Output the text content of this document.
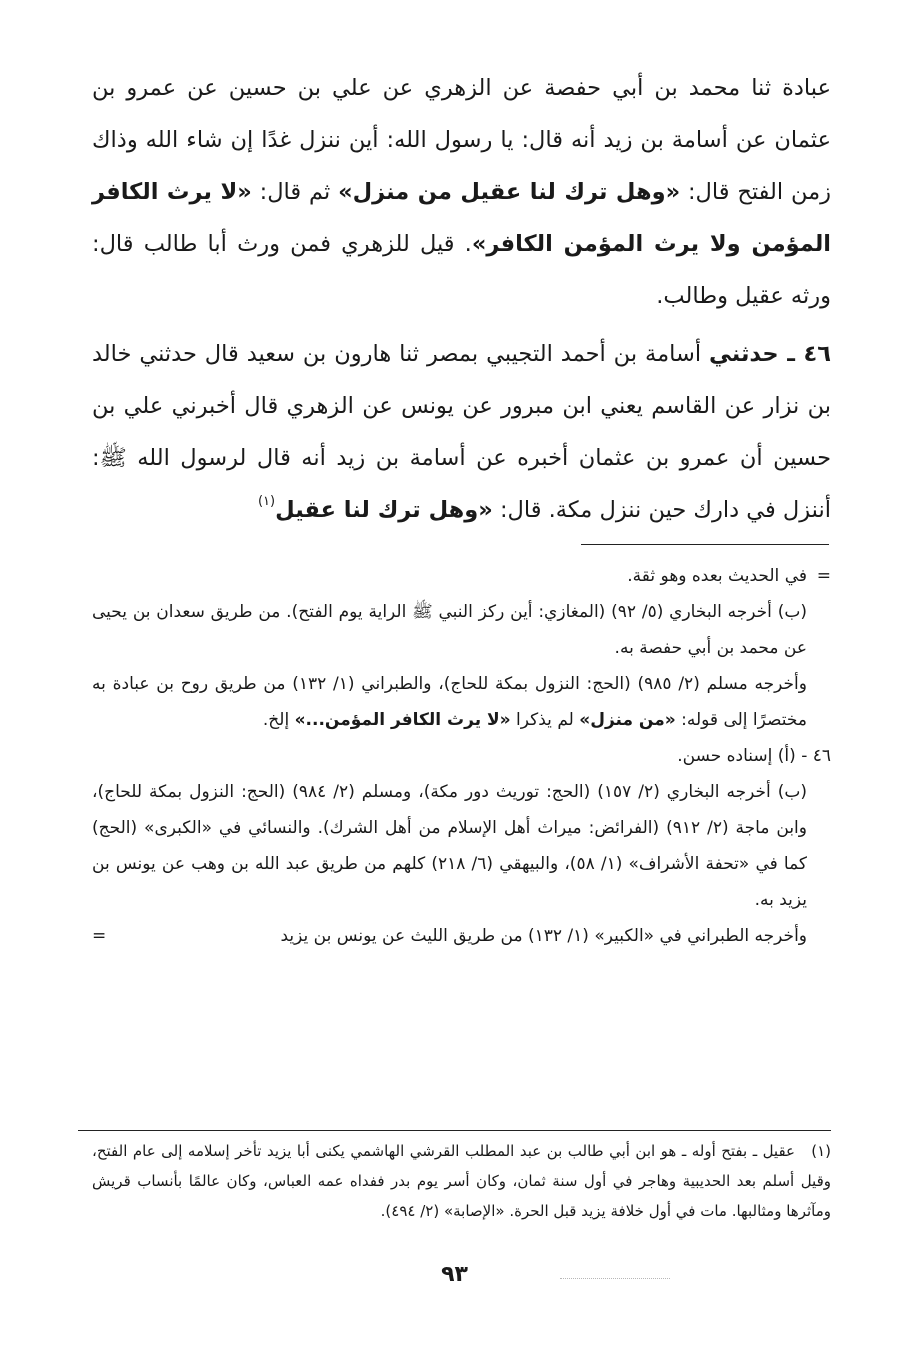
عبادة ثنا محمد بن أبي حفصة عن الزهري عن علي بن حسين عن عمرو بن عثمان عن أسامة بن زيد أنه قال: يا رسول الله: أين ننزل غدًا إن شاء الله وذاك زمن الفتح قال: «وهل ترك لنا عقيل من منزل» ثم قال: «لا يرث الكافر المؤمن ولا يرث المؤمن الكافر». قيل للزهري فمن ورث أبا طالب قال: ورثه عقيل وطالب.

٤٦ ـ حدثني أسامة بن أحمد التجيبي بمصر ثنا هارون بن سعيد قال حدثني خالد بن نزار عن القاسم يعني ابن مبرور عن يونس عن الزهري قال أخبرني علي بن حسين أن عمرو بن عثمان أخبره عن أسامة بن زيد أنه قال لرسول الله ﷺ: أننزل في دارك حين ننزل مكة. قال: «وهل ترك لنا عقيل$^{(١)}$

=
في الحديث بعده وهو ثقة.

(ب) أخرجه البخاري (٥/ ٩٢) (المغازي: أين ركز النبي ﷺ الراية يوم الفتح). من طريق سعدان بن يحيى عن محمد بن أبي حفصة به.

وأخرجه مسلم (٢/ ٩٨٥) (الحج: النزول بمكة للحاج)، والطبراني (١/ ١٣٢) من طريق روح بن عبادة به مختصرًا إلى قوله: «من منزل» لم يذكرا «لا يرث الكافر المؤمن...» إلخ.

٤٦ - (أ) إسناده حسن.

(ب) أخرجه البخاري (٢/ ١٥٧) (الحج: توريث دور مكة)، ومسلم (٢/ ٩٨٤) (الحج: النزول بمكة للحاج)، وابن ماجة (٢/ ٩١٢) (الفرائض: ميراث أهل الإسلام من أهل الشرك). والنسائي في «الكبرى» (الحج) كما في «تحفة الأشراف» (١/ ٥٨)، والبيهقي (٦/ ٢١٨) كلهم من طريق عبد الله بن وهب عن يونس بن يزيد به.

وأخرجه الطبراني في «الكبير» (١/ ١٣٢) من طريق الليث عن يونس بن يزيد
=

(١)عقيل ـ بفتح أوله ـ هو ابن أبي طالب بن عبد المطلب القرشي الهاشمي يكنى أبا يزيد تأخر إسلامه إلى عام الفتح، وقيل أسلم بعد الحديبية وهاجر في أول سنة ثمان، وكان أسر يوم بدر ففداه عمه العباس، وكان عالمًا بأنساب قريش ومآثرها ومثالبها. مات في أول خلافة يزيد قبل الحرة. «الإصابة» (٢/ ٤٩٤).

٩٣
